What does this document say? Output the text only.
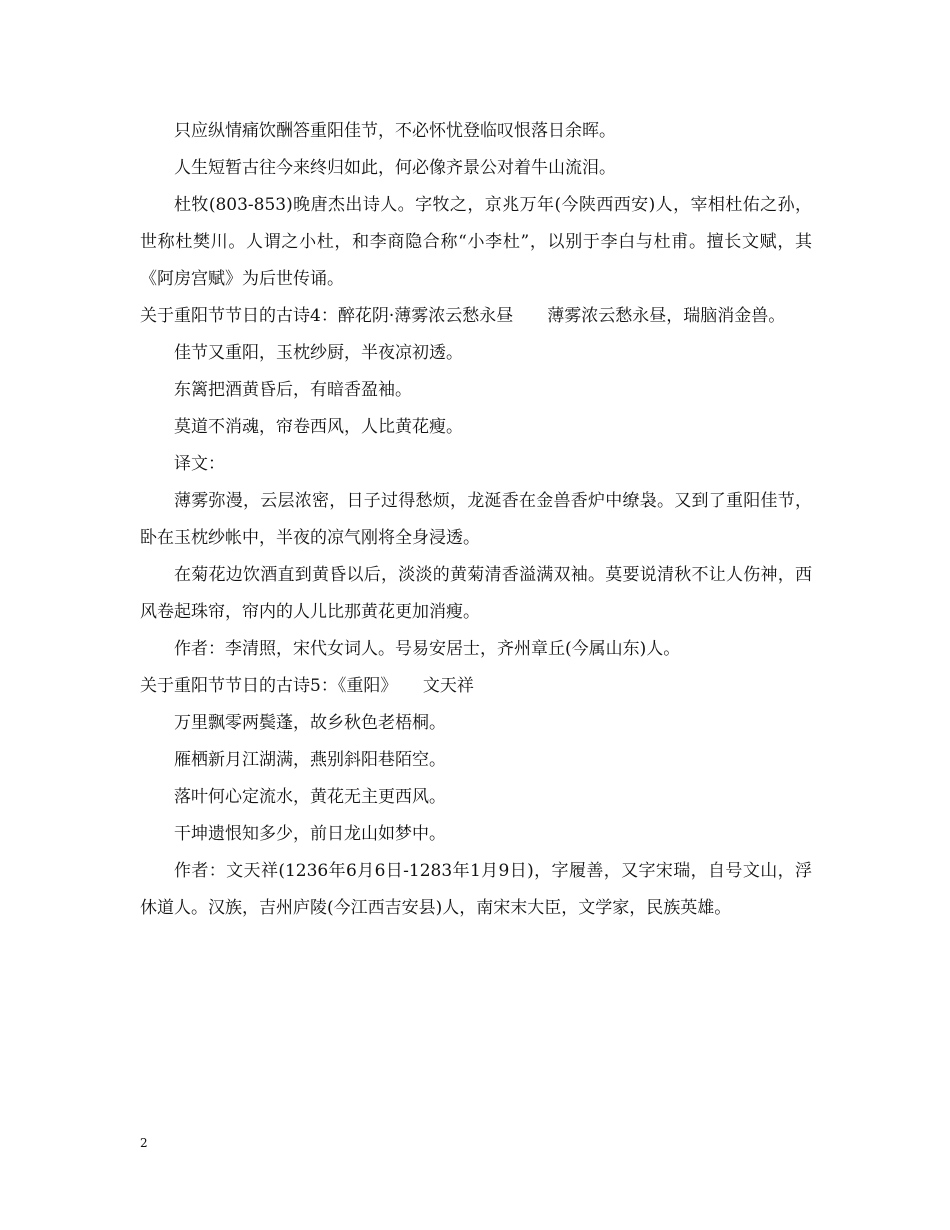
只应纵情痛饮酬答重阳佳节，不必怀忧登临叹恨落日余晖。

人生短暂古往今来终归如此，何必像齐景公对着牛山流泪。

杜牧(803-853)晚唐杰出诗人。字牧之，京兆万年(今陕西西安)人，宰相杜佑之孙，世称杜樊川。人谓之小杜，和李商隐合称“小李杜”，以别于李白与杜甫。擅长文赋，其《阿房宫赋》为后世传诵。

关于重阳节节日的古诗4：醉花阴·薄雾浓云愁永昼　　薄雾浓云愁永昼，瑞脑消金兽。

佳节又重阳，玉枕纱厨，半夜凉初透。

东篱把酒黄昏后，有暗香盈袖。

莫道不消魂，帘卷西风，人比黄花瘦。

译文：

薄雾弥漫，云层浓密，日子过得愁烦，龙涎香在金兽香炉中缭袅。又到了重阳佳节，卧在玉枕纱帐中，半夜的凉气刚将全身浸透。

在菊花边饮酒直到黄昏以后，淡淡的黄菊清香溢满双袖。莫要说清秋不让人伤神，西风卷起珠帘，帘内的人儿比那黄花更加消瘦。

作者：李清照，宋代女词人。号易安居士，齐州章丘(今属山东)人。

关于重阳节节日的古诗5：《重阳》　　文天祥

万里飘零两鬓蓬，故乡秋色老梧桐。

雁栖新月江湖满，燕别斜阳巷陌空。

落叶何心定流水，黄花无主更西风。

干坤遗恨知多少，前日龙山如梦中。

作者：文天祥(1236年6月6日-1283年1月9日)，字履善，又字宋瑞，自号文山，浮休道人。汉族，吉州庐陵(今江西吉安县)人，南宋末大臣，文学家，民族英雄。

2
